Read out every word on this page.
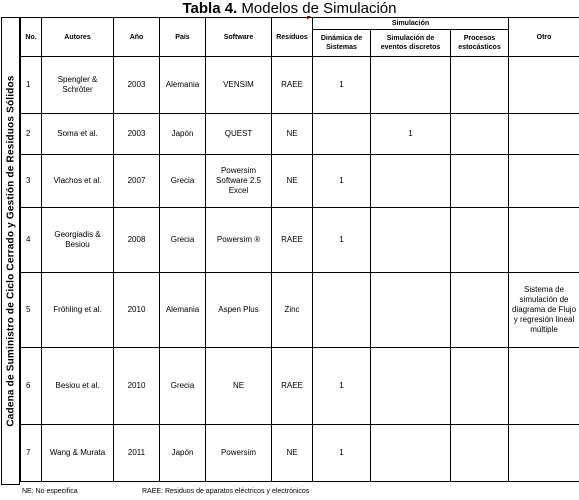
Tabla 4. Modelos de Simulación
Cadena de Suministro de Ciclo Cerrado y Gestión de Residuos Sólidos
No.	Autores	Año	País	Software	Residuos	Simulación			Otro
						Dinámica de Sistemas	Simulación de eventos discretos	Procesos estocásticos	
1	Spengler & Schröter	2003	Alemania	VENSIM	RAEE	1			
2	Soma et al.	2003	Japón	QUEST	NE		1		
3	Vlachos et al.	2007	Grecia	Powersim Software 2.5 Excel	NE	1			
4	Georgiadis & Besiou	2008	Grecia	Powersim ®	RAEE	1			
5	Fröhling et al.	2010	Alemania	Aspen Plus	Zinc				Sistema de simulación de diagrama de Flujo y regresión lineal múltiple
6	Besiou et al.	2010	Grecia	NE	RAEE	1			
7	Wang & Murata	2011	Japón	Powersim	NE	1			
NE: No especifica	RAEE: Residuos de aparatos eléctricos y electrónicos
